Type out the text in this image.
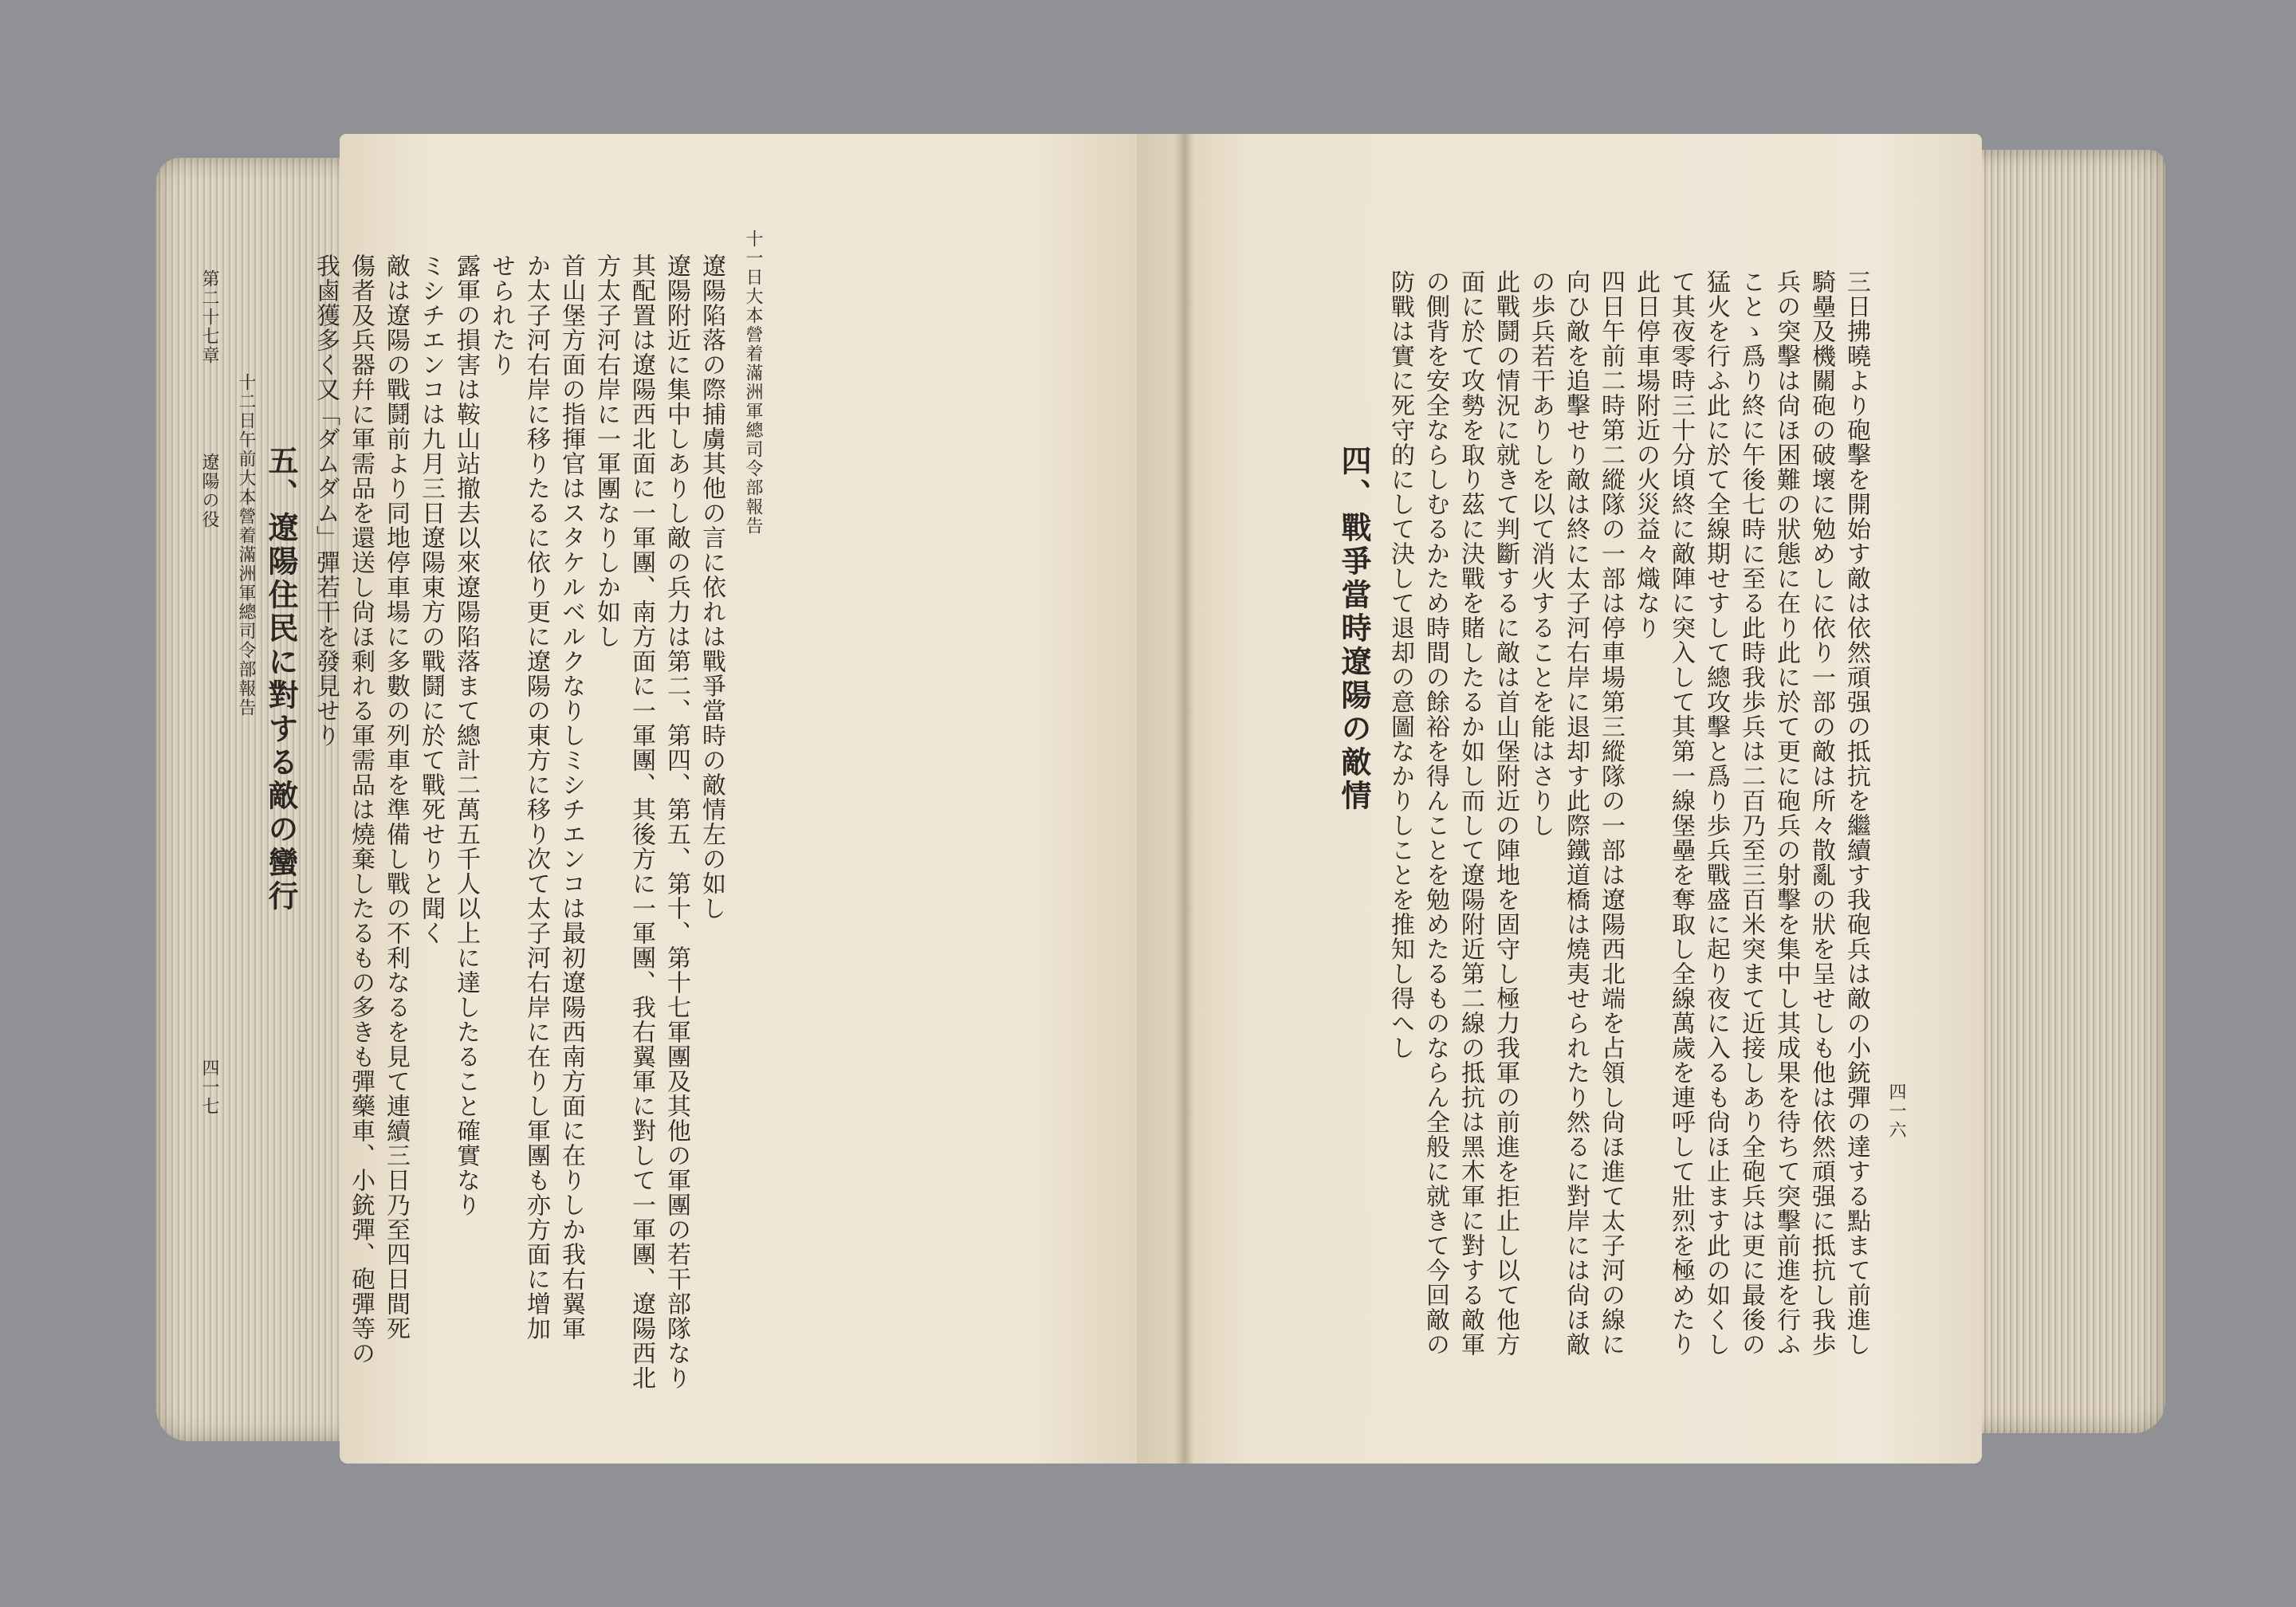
十一日大本營着滿洲軍總司令部報告
遼陽陷落の際捕虜其他の言に依れは戰爭當時の敵情左の如し
遼陽附近に集中しありし敵の兵力は第二、第四、第五、第十、第十七軍團及其他の軍團の若干部隊なり
其配置は遼陽西北面に一軍團、南方面に一軍團、其後方に一軍團、我右翼軍に對して一軍團、遼陽西北
方太子河右岸に一軍團なりしか如し
首山堡方面の指揮官はスタケルベルクなりしミシチエンコは最初遼陽西南方面に在りしか我右翼軍
か太子河右岸に移りたるに依り更に遼陽の東方に移り次て太子河右岸に在りし軍團も亦方面に增加
せられたり
露軍の損害は鞍山站撤去以來遼陽陷落まて總計二萬五千人以上に達したること確實なり
ミシチエンコは九月三日遼陽東方の戰鬪に於て戰死せりと聞く
敵は遼陽の戰鬪前より同地停車場に多數の列車を準備し戰の不利なるを見て連續三日乃至四日間死
傷者及兵器幷に軍需品を還送し尙ほ剩れる軍需品は燒棄したるもの多きも彈藥車、小銃彈、砲彈等の
我鹵獲多く又「ダムダム」彈若干を發見せり
五、遼陽住民に對する敵の蠻行
十二日午前大本營着滿洲軍總司令部報告
第二十七章
遼陽の役
四一七	四一六
三日拂曉より砲擊を開始す敵は依然頑强の抵抗を繼續す我砲兵は敵の小銃彈の達する點まて前進し
騎壘及機關砲の破壞に勉めしに依り一部の敵は所々散亂の狀を呈せしも他は依然頑强に抵抗し我歩
兵の突擊は尙ほ困難の狀態に在り此に於て更に砲兵の射擊を集中し其成果を待ちて突擊前進を行ふ
ことゝ爲り終に午後七時に至る此時我歩兵は二百乃至三百米突まて近接しあり全砲兵は更に最後の
猛火を行ふ此に於て全線期せすして總攻擊と爲り歩兵戰盛に起り夜に入るも尙ほ止ます此の如くし
て其夜零時三十分頃終に敵陣に突入して其第一線堡壘を奪取し全線萬歲を連呼して壯烈を極めたり
此日停車場附近の火災益々熾なり
四日午前二時第二縱隊の一部は停車場第三縱隊の一部は遼陽西北端を占領し尙ほ進て太子河の線に
向ひ敵を追擊せり敵は終に太子河右岸に退却す此際鐵道橋は燒夷せられたり然るに對岸には尙ほ敵
の歩兵若干ありしを以て消火することを能はさりし
此戰鬪の情況に就きて判斷するに敵は首山堡附近の陣地を固守し極力我軍の前進を拒止し以て他方
面に於て攻勢を取り茲に決戰を賭したるか如し而して遼陽附近第二線の抵抗は黑木軍に對する敵軍
の側背を安全ならしむるかため時間の餘裕を得んことを勉めたるものならん全般に就きて今回敵の
防戰は實に死守的にして決して退却の意圖なかりしことを推知し得へし
四、戰爭當時遼陽の敵情
